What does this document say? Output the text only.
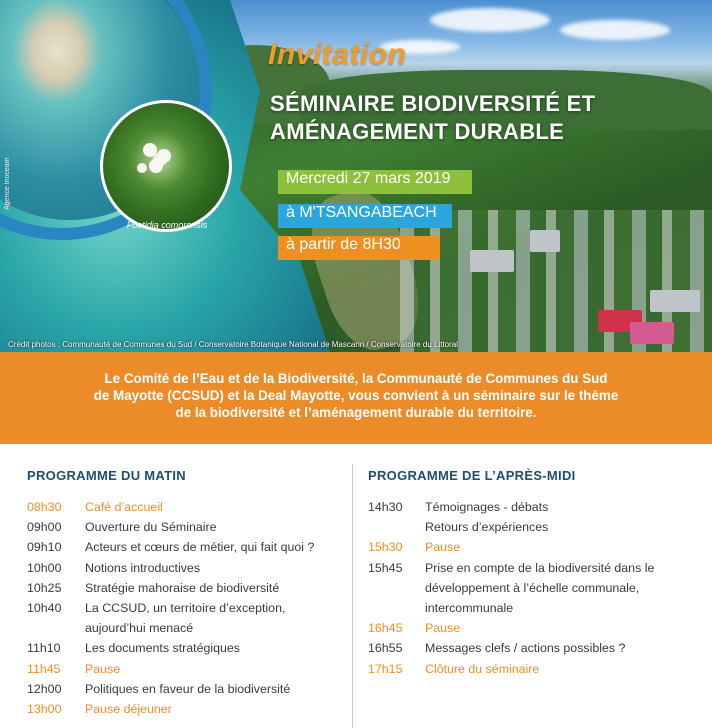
Foetidia comorensis
Agence Inoceam
Invitation
SÉMINAIRE BIODIVERSITÉ ET
AMÉNAGEMENT DURABLE
Mercredi 27 mars 2019
à M'TSANGABEACH
à partir de 8H30
Crédit photos : Communauté de Communes du Sud / Conservatoire Botanique National de Mascarin / Conservatoire du Littoral

Le Comité de l’Eau et de la Biodiversité, la Communauté de Communes du Sud

de Mayotte (CCSUD) et la Deal Mayotte, vous convient à un séminaire sur le thème

de la biodiversité et l’aménagement durable du territoire.

PROGRAMME DU MATIN
08h30	Café d’accueil
09h00	Ouverture du Séminaire
09h10	Acteurs et cœurs de métier, qui fait quoi ?
10h00	Notions introductives
10h25	Stratégie mahoraise de biodiversité
10h40	La CCSUD, un territoire d’exception,
aujourd’hui menacé
11h10	Les documents stratégiques
11h45	Pause
12h00	Politiques en faveur de la biodiversité
13h00	Pause déjeuner
PROGRAMME DE L’APRÈS-MIDI
14h30	Témoignages - débats
Retours d’expériences
15h30	Pause
15h45	Prise en compte de la biodiversité dans le
développement à l’échelle communale,
intercommunale
16h45	Pause
16h55	Messages clefs / actions possibles ?
17h15	Clôture du séminaire
